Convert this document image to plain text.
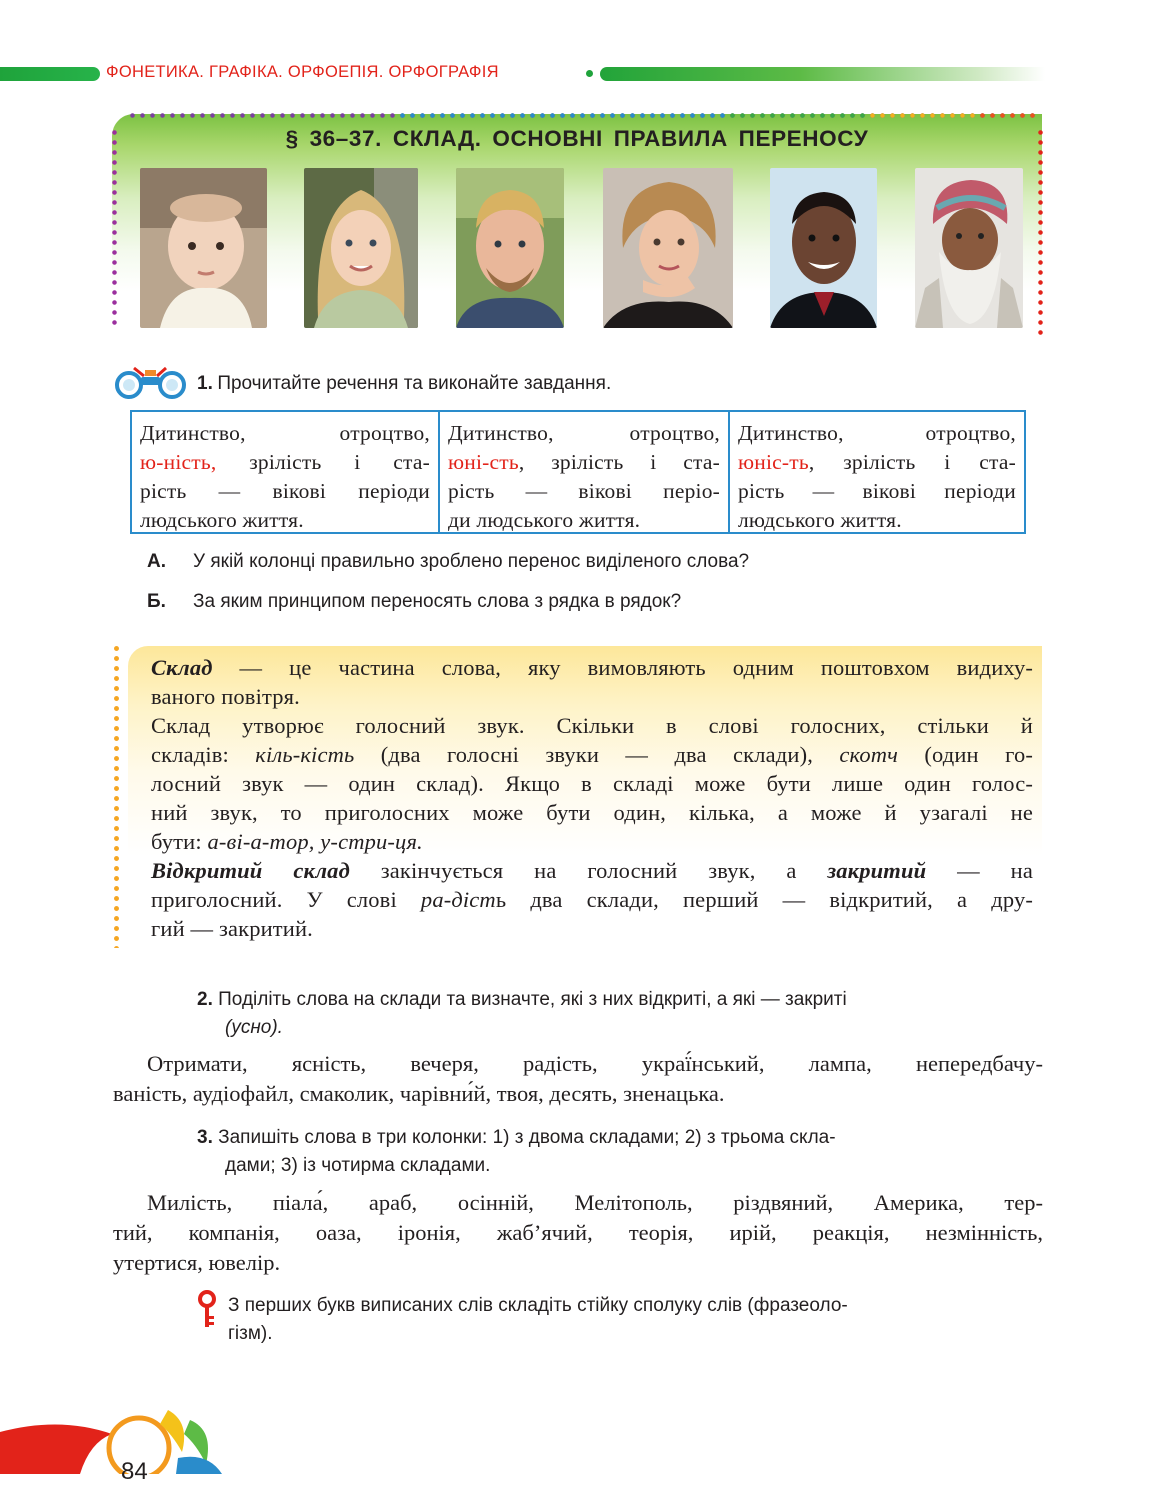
ФОНЕТИКА. ГРАФІКА. ОРФОЕПІЯ. ОРФОГРАФІЯ
§ 36–37. СКЛАД. ОСНОВНІ ПРАВИЛА ПЕРЕНОСУ
1. Прочитайте речення та виконайте завдання.
Дитинство, отроцтво,
ю-ність, зрілість і ста-
рість — вікові періоди
людського життя.
Дитинство, отроцтво,
юні-сть, зрілість і ста-
рість — вікові періо-
ди людського життя.
Дитинство, отроцтво,
юніс-ть, зрілість і ста-
рість — вікові періоди
людського життя.
А. У якій колонці правильно зроблено перенос виділеного слова?
Б. За яким принципом переносять слова з рядка в рядок?
Склад — це частина слова, яку вимовляють одним поштовхом видиху-
ваного повітря.
Склад утворює голосний звук. Скільки в слові голосних, стільки й
складів: кіль-кість (два голосні звуки — два склади), скотч (один го-
лосний звук — один склад). Якщо в складі може бути лише один голос-
ний звук, то приголосних може бути один, кілька, а може й узагалі не
бути: а-ві-а-тор, у-стри-ця.
Відкритий склад закінчується на голосний звук, а закритий — на
приголосний. У слові ра-дість два склади, перший — відкритий, а дру-
гий — закритий.
2. Поділіть слова на склади та визначте, які з них відкриті, а які — закриті
(усно).
Отримати, ясність, вечеря, радість, украї́нський, лампа, непередбачу-
ваність, аудіофайл, смаколик, чарівни́й, твоя, десять, зненацька.
3. Запишіть слова в три колонки: 1) з двома складами; 2) з трьома скла-
дами; 3) із чотирма складами.
Милість, піала́, араб, осінній, Мелітополь, різдвяний, Америка, тер-
тий, компанія, оаза, іронія, жаб’ячий, теорія, ирій, реакція, незмінність,
утертися, ювелір.
З перших букв виписаних слів складіть стійку сполуку слів (фразеоло-
гізм).
84
